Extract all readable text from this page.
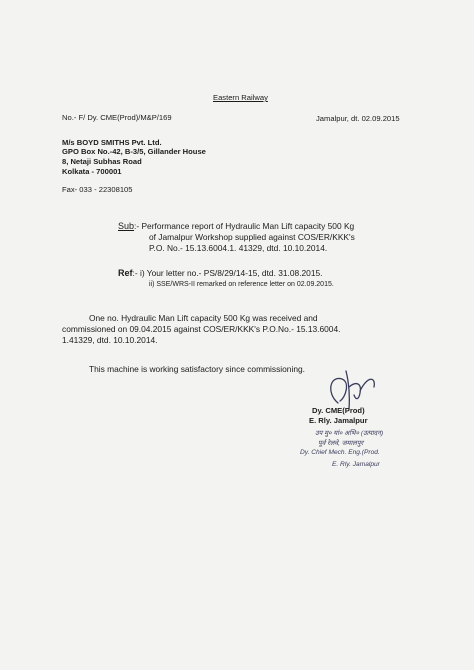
Eastern Railway
No.- F/ Dy. CME(Prod)/M&P/169	Jamalpur, dt. 02.09.2015
M/s BOYD SMITHS Pvt. Ltd.
GPO Box No.-42, B-3/5, Gillander House
8, Netaji Subhas Road
Kolkata - 700001
Fax- 033 - 22308105
Sub:- Performance report of Hydraulic Man Lift capacity 500 Kg
of Jamalpur Workshop supplied against COS/ER/KKK's
P.O. No.- 15.13.6004.1. 41329, dtd. 10.10.2014.
Ref:- i) Your letter no.- PS/8/29/14-15, dtd. 31.08.2015.
ii) SSE/WRS-II remarked on reference letter on 02.09.2015.
One no. Hydraulic Man Lift capacity 500 Kg was received and
commissioned on 09.04.2015 against COS/ER/KKK's P.O.No.- 15.13.6004.
1.41329, dtd. 10.10.2014.
This machine is working satisfactory since commissioning.
Dy. CME(Prod)
E. Rly. Jamalpur
उप मु० यां० अभि० (उत्पादन)
पूर्व रेलवे, जमालपुर
Dy. Chief Mech. Eng.(Prod.
E. Rly. Jamalpur
